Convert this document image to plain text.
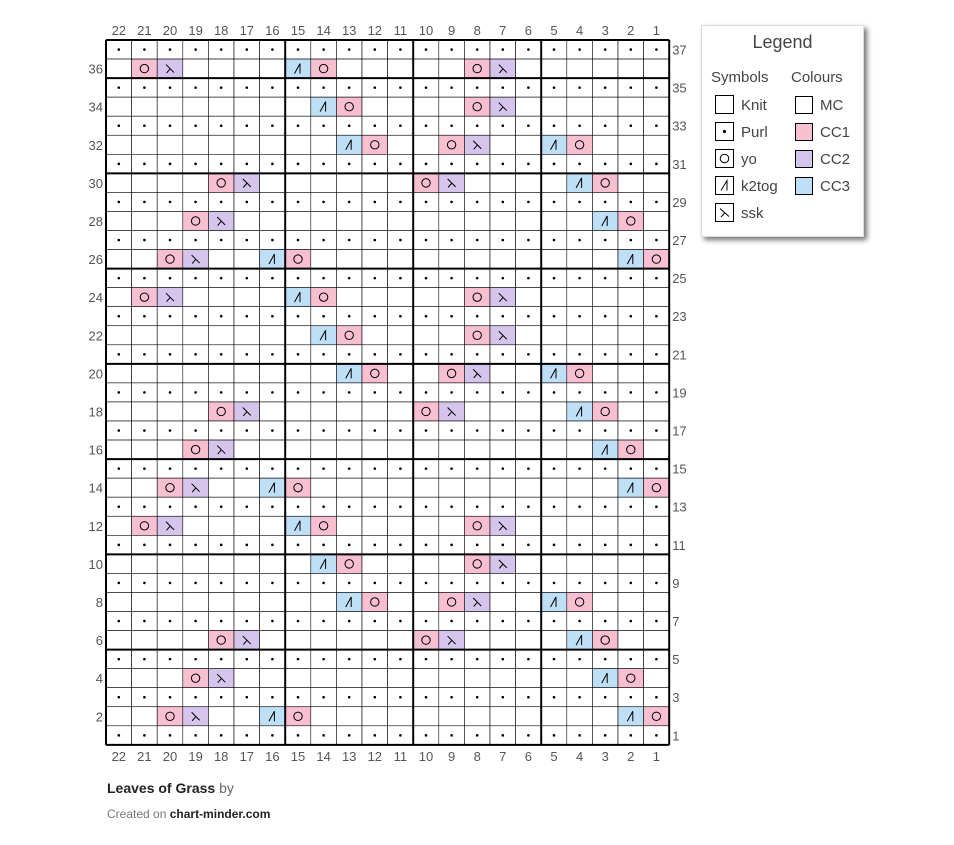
22
22
21
21
20
20
19
19
18
18
17
17
16
16
15
15
14
14
13
13
12
12
11
11
10
10
9
9
8
8
7
7
6
6
5
5
4
4
3
3
2
2
1
1
36
34
32
30
28
26
24
22
20
18
16
14
12
10
8
6
4
2
37
35
33
31
29
27
25
23
21
19
17
15
13
11
9
7
5
3
1
Legend
Symbols Colours
Knit
Purl
yo
k2tog
ssk
MC
CC1
CC2
CC3
Leaves of Grass by
Created on chart-minder.com
